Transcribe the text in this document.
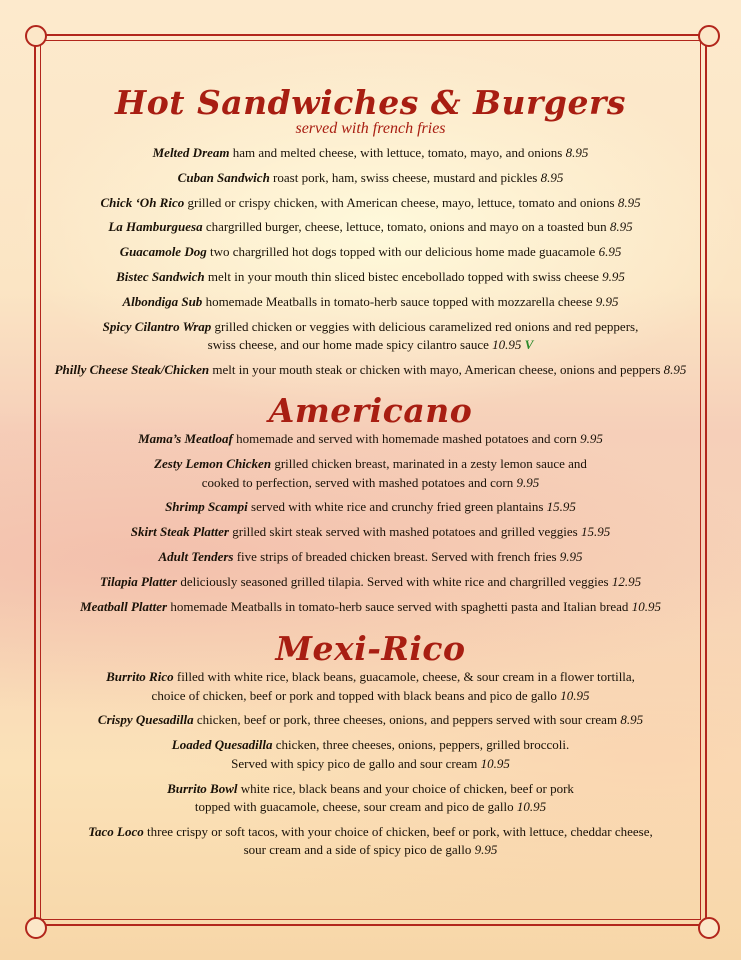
Hot Sandwiches & Burgers
served with french fries

Melted Dream ham and melted cheese, with lettuce, tomato, mayo, and onions 8.95

Cuban Sandwich roast pork, ham, swiss cheese, mustard and pickles 8.95

Chick ‘Oh Rico grilled or crispy chicken, with American cheese, mayo, lettuce, tomato and onions 8.95

La Hamburguesa chargrilled burger, cheese, lettuce, tomato, onions and mayo on a toasted bun 8.95

Guacamole Dog two chargrilled hot dogs topped with our delicious home made guacamole 6.95

Bistec Sandwich melt in your mouth thin sliced bistec encebollado topped with swiss cheese 9.95

Albondiga Sub homemade Meatballs in tomato-herb sauce topped with mozzarella cheese 9.95

Spicy Cilantro Wrap grilled chicken or veggies with delicious caramelized red onions and red peppers,
swiss cheese, and our home made spicy cilantro sauce 10.95 V

Philly Cheese Steak/Chicken melt in your mouth steak or chicken with mayo, American cheese, onions and peppers 8.95

Americano

Mama’s Meatloaf homemade and served with homemade mashed potatoes and corn 9.95

Zesty Lemon Chicken grilled chicken breast, marinated in a zesty lemon sauce and
cooked to perfection, served with mashed potatoes and corn 9.95

Shrimp Scampi served with white rice and crunchy fried green plantains 15.95

Skirt Steak Platter grilled skirt steak served with mashed potatoes and grilled veggies 15.95

Adult Tenders five strips of breaded chicken breast. Served with french fries 9.95

Tilapia Platter deliciously seasoned grilled tilapia. Served with white rice and chargrilled veggies 12.95

Meatball Platter homemade Meatballs in tomato-herb sauce served with spaghetti pasta and Italian bread 10.95

Mexi-Rico

Burrito Rico filled with white rice, black beans, guacamole, cheese, & sour cream in a flower tortilla,
choice of chicken, beef or pork and topped with black beans and pico de gallo 10.95

Crispy Quesadilla chicken, beef or pork, three cheeses, onions, and peppers served with sour cream 8.95

Loaded Quesadilla chicken, three cheeses, onions, peppers, grilled broccoli.
Served with spicy pico de gallo and sour cream 10.95

Burrito Bowl white rice, black beans and your choice of chicken, beef or pork
topped with guacamole, cheese, sour cream and pico de gallo 10.95

Taco Loco three crispy or soft tacos, with your choice of chicken, beef or pork, with lettuce, cheddar cheese,
sour cream and a side of spicy pico de gallo 9.95
